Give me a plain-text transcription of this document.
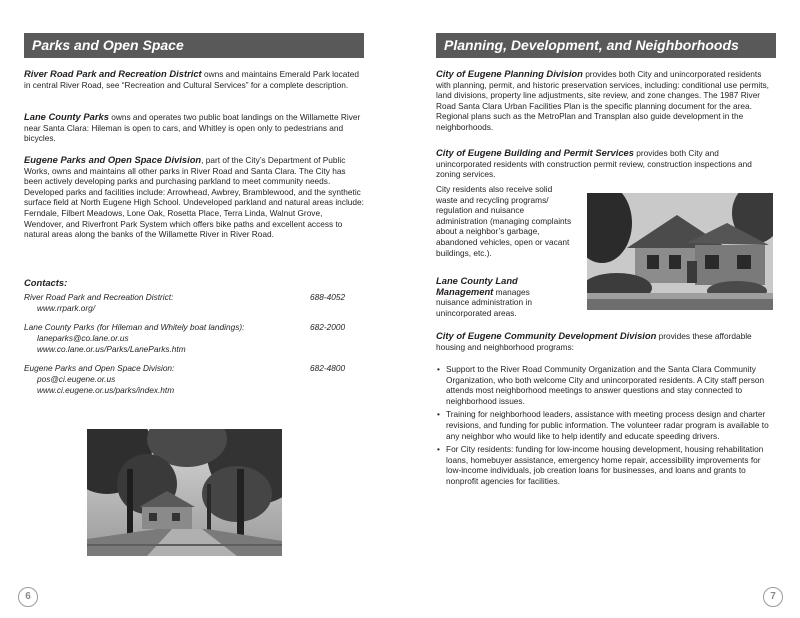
Parks and Open Space

River Road Park and Recreation District owns and maintains Emerald Park located in central River Road, see “Recreation and Cultural Services” for a complete description.

Lane County Parks owns and operates two public boat landings on the Willamette River near Santa Clara: Hileman is open to cars, and Whitley is open only to pedestrians and bicycles.

Eugene Parks and Open Space Division, part of the City’s Department of Public Works, owns and maintains all other parks in River Road and Santa Clara. The City has been actively developing parks and purchasing parkland to meet community needs. Developed parks and facilities include: Arrowhead, Awbrey, Bramblewood, and the synthetic surface field at North Eugene High School. Undeveloped parkland and natural areas include: Ferndale, Filbert Meadows, Lone Oak, Rosetta Place, Terra Linda, Walnut Grove, Wendover, and Riverfront Park System which offers bike paths and excellent access to natural areas along the banks of the Willamette River in River Road.

Contacts:
River Road Park and Recreation District:	688-4052
www.rrpark.org/
Lane County Parks (for Hileman and Whitely boat landings):	682-2000
laneparks@co.lane.or.us
www.co.lane.or.us/Parks/LaneParks.htm
Eugene Parks and Open Space Division:	682-4800
pos@ci.eugene.or.us
www.ci.eugene.or.us/parks/index.htm
6
Planning, Development, and Neighborhoods

City of Eugene Planning Division provides both City and unincorporated residents with planning, permit, and historic preservation services, including: conditional use permits, land divisions, property line adjustments, site review, and zone changes. The 1987 River Road Santa Clara Urban Facilities Plan is the specific planning document for the area. Regional plans such as the MetroPlan and Transplan also guide development in the neighborhoods.

City of Eugene Building and Permit Services provides both City and unincorporated residents with construction permit review, construction inspections and zoning services.

City residents also receive solid waste and recycling programs/ regulation and nuisance administration (managing complaints about a neighbor’s garbage, abandoned vehicles, open or vacant buildings, etc.).

Lane County Land Management manages nuisance administration in unincorporated areas.

City of Eugene Community Development Division provides these affordable housing and neighborhood programs:

• Support to the River Road Community Organization and the Santa Clara Community Organization, who both welcome City and unincorporated residents. A City staff person attends most neighborhood meetings to answer questions and stay connected to neighborhood issues.
• Training for neighborhood leaders, assistance with meeting process design and charter revisions, and funding for public information. The volunteer radar program is available to any neighbor who would like to help identify and educate speeding drivers.
• For City residents: funding for low-income housing development, housing rehabilitation loans, homebuyer assistance, emergency home repair, accessibility improvements for low-income individuals, job creation loans for businesses, and loans and grants to nonprofit agencies for facilities.
7
